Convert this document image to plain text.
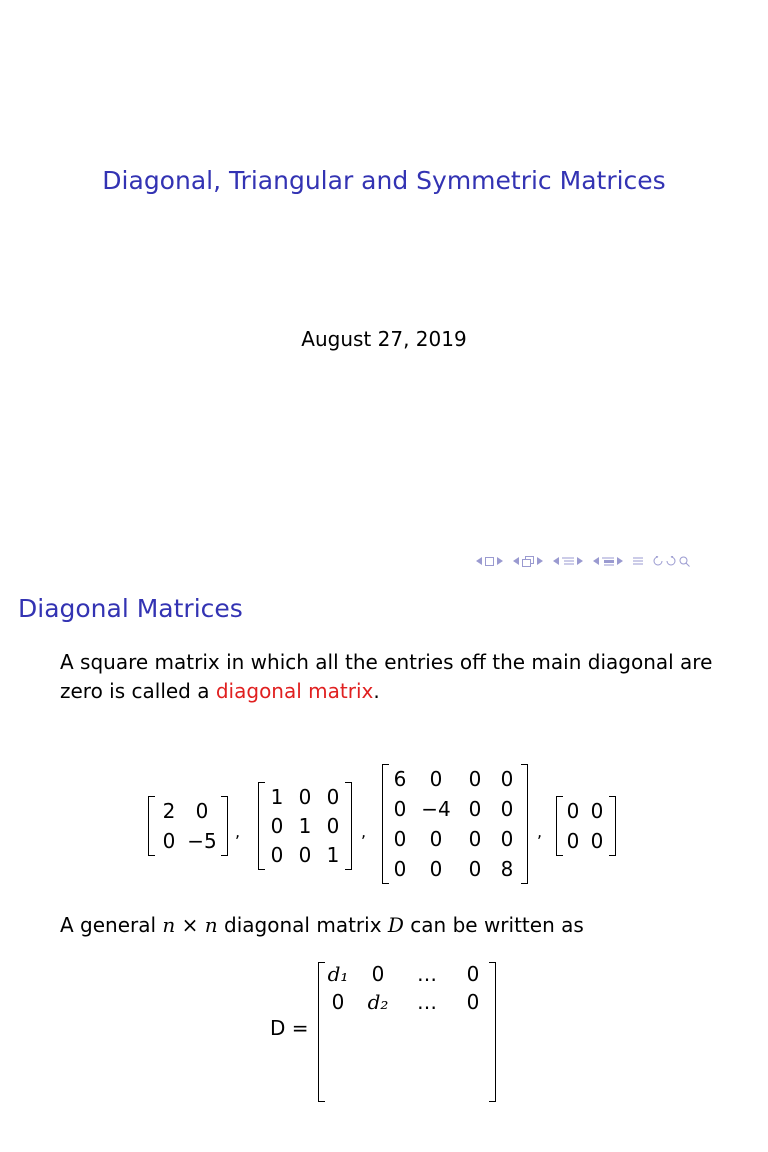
Diagonal, Triangular and Symmetric Matrices
August 27, 2019
Diagonal Matrices
A square matrix in which all the entries off the main diagonal are zero is called a diagonal matrix.
2	0
0 −5	,
1 0 0
0 1 0
0 0 1
,
6	0	0 0
0 −4 0 0
0	0	0 0
0	0	0 8
,
0 0
0 0
A general n × n diagonal matrix D can be written as
D =
d₁	0	…	0
0	d₂	…	0
